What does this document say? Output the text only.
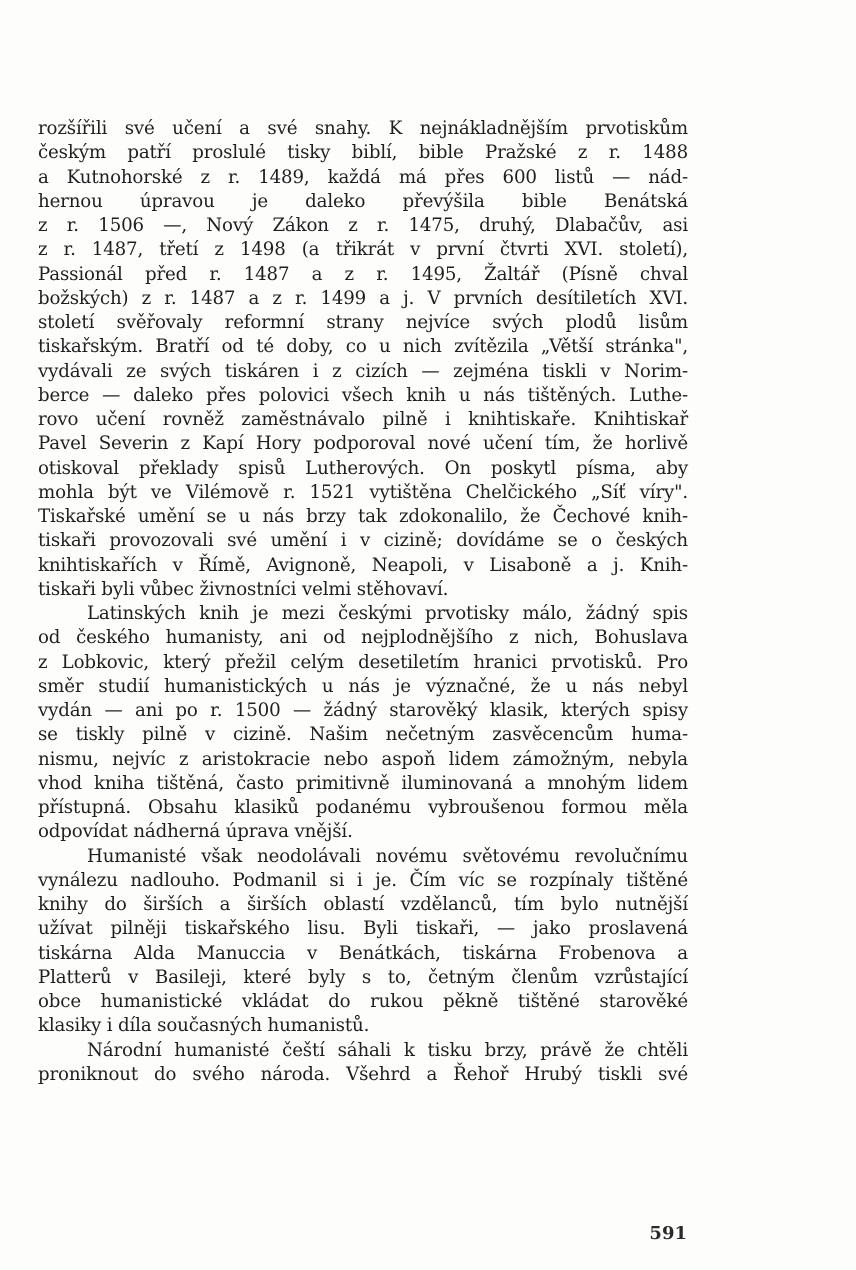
rozšířili své učení a své snahy. K nejnákladnějším prvotiskům
českým patří proslulé tisky biblí, bible Pražské z r. 1488
a Kutnohorské z r. 1489, každá má přes 600 listů — nád-
hernou úpravou je daleko převýšila bible Benátská
z r. 1506 —, Nový Zákon z r. 1475, druhý, Dlabačův, asi
z r. 1487, třetí z 1498 (a třikrát v první čtvrti XVI. století),
Passionál před r. 1487 a z r. 1495, Žaltář (Písně chval
božských) z r. 1487 a z r. 1499 a j. V prvních desítiletích XVI.
století svěřovaly reformní strany nejvíce svých plodů lisům
tiskařským. Bratří od té doby, co u nich zvítězila „Větší stránka",
vydávali ze svých tiskáren i z cizích — zejména tiskli v Norim-
berce — daleko přes polovici všech knih u nás tištěných. Luthe-
rovo učení rovněž zaměstnávalo pilně i knihtiskaře. Knihtiskař
Pavel Severin z Kapí Hory podporoval nové učení tím, že horlivě
otiskoval překlady spisů Lutherových. On poskytl písma, aby
mohla být ve Vilémově r. 1521 vytištěna Chelčického „Síť víry".
Tiskařské umění se u nás brzy tak zdokonalilo, že Čechové knih-
tiskaři provozovali své umění i v cizině; dovídáme se o českých
knihtiskařích v Římě, Avignoně, Neapoli, v Lisaboně a j. Knih-
tiskaři byli vůbec živnostníci velmi stěhovaví.
Latinských knih je mezi českými prvotisky málo, žádný spis
od českého humanisty, ani od nejplodnějšího z nich, Bohuslava
z Lobkovic, který přežil celým desetiletím hranici prvotisků. Pro
směr studií humanistických u nás je význačné, že u nás nebyl
vydán — ani po r. 1500 — žádný starověký klasik, kterých spisy
se tiskly pilně v cizině. Našim nečetným zasvěcencům huma-
nismu, nejvíc z aristokracie nebo aspoň lidem zámožným, nebyla
vhod kniha tištěná, často primitivně iluminovaná a mnohým lidem
přístupná. Obsahu klasiků podanému vybroušenou formou měla
odpovídat nádherná úprava vnější.
Humanisté však neodolávali novému světovému revolučnímu
vynálezu nadlouho. Podmanil si i je. Čím víc se rozpínaly tištěné
knihy do širších a širších oblastí vzdělanců, tím bylo nutnější
užívat pilněji tiskařského lisu. Byli tiskaři, — jako proslavená
tiskárna Alda Manuccia v Benátkách, tiskárna Frobenova a
Platterů v Basileji, které byly s to, četným členům vzrůstající
obce humanistické vkládat do rukou pěkně tištěné starověké
klasiky i díla současných humanistů.
Národní humanisté čeští sáhali k tisku brzy, právě že chtěli
proniknout do svého národa. Všehrd a Řehoř Hrubý tiskli své
591
